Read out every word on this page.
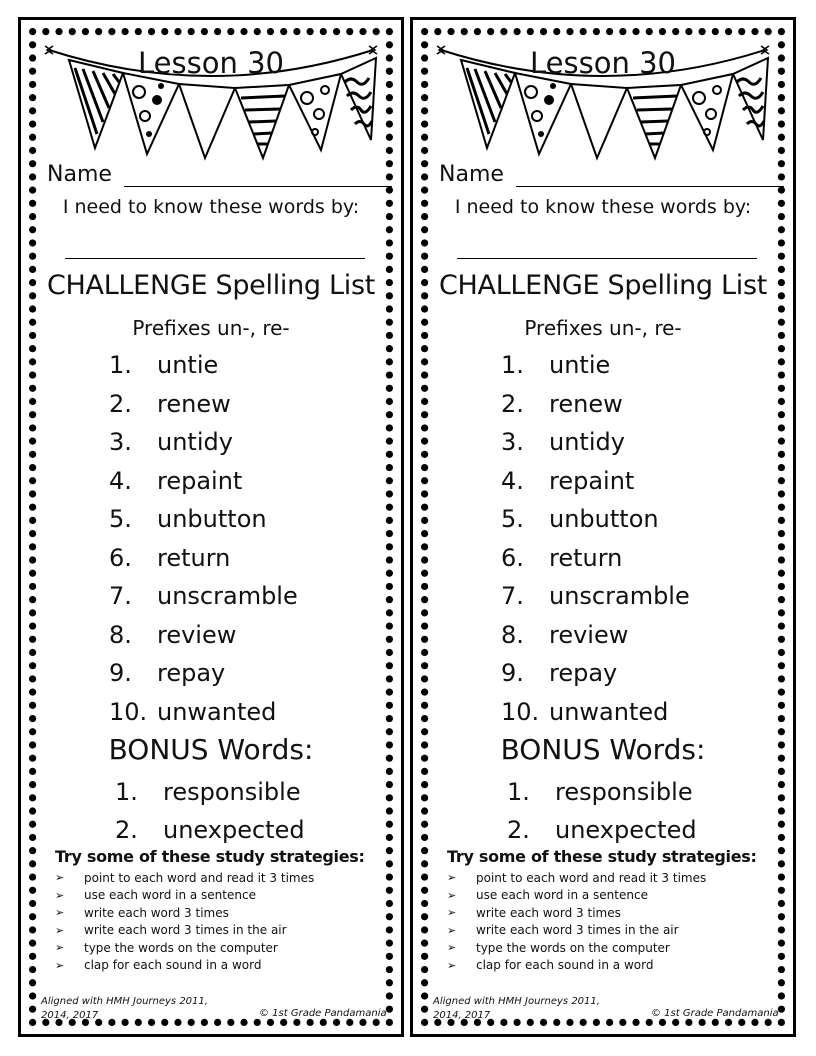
Lesson 30
Name
I need to know these words by:
CHALLENGE Spelling List
Prefixes un-, re-
1.	untie
2.	renew
3.	untidy
4.	repaint
5.	unbutton
6.	return
7.	unscramble
8.	review
9.	repay
10. unwanted
BONUS Words:
1.	responsible
2.	unexpected
Try some of these study strategies:
➢	point to each word and read it 3 times
➢	use each word in a sentence
➢	write each word 3 times
➢	write each word 3 times in the air
➢	type the words on the computer
➢	clap for each sound in a word
Aligned with HMH Journeys 2011, 2014, 2017	© 1st Grade Pandamania
Lesson 30
Name
I need to know these words by:
CHALLENGE Spelling List
Prefixes un-, re-
1.	untie
2.	renew
3.	untidy
4.	repaint
5.	unbutton
6.	return
7.	unscramble
8.	review
9.	repay
10. unwanted
BONUS Words:
1.	responsible
2.	unexpected
Try some of these study strategies:
➢	point to each word and read it 3 times
➢	use each word in a sentence
➢	write each word 3 times
➢	write each word 3 times in the air
➢	type the words on the computer
➢	clap for each sound in a word
Aligned with HMH Journeys 2011, 2014, 2017	© 1st Grade Pandamania
